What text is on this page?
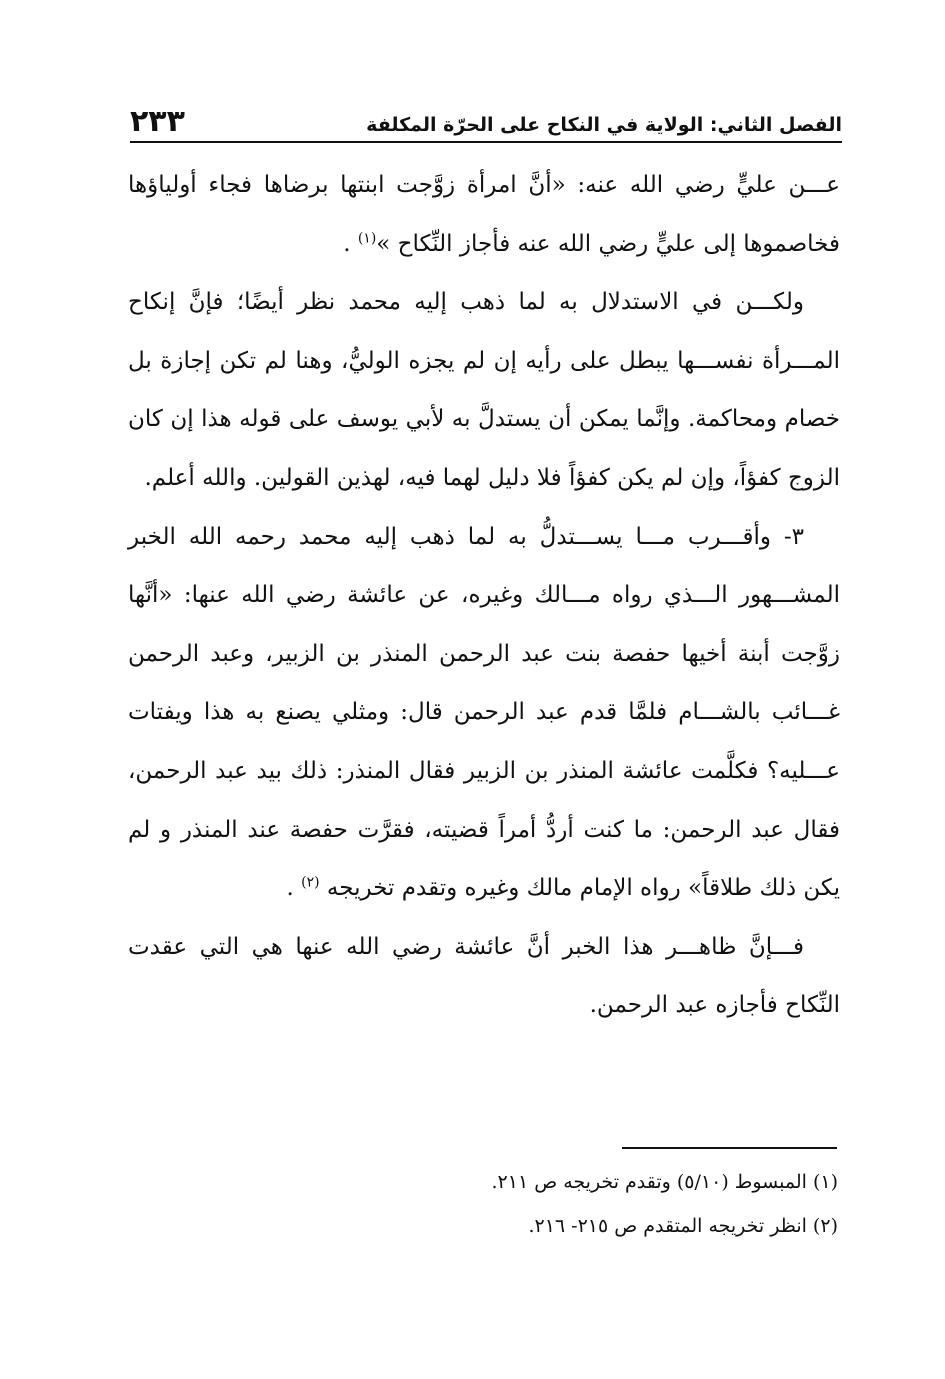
الفصل الثاني: الولاية في النكاح على الحرّة المكلفة
٢٣٣

عـــن عليٍّ رضي الله عنه: «أنَّ امرأة زوَّجت ابنتها برضاها فجاء أولياؤها فخاصموها إلى عليٍّ رضي الله عنه فأجاز النِّكاح »$^{(١)}$ .

ولكـــن في الاستدلال به لما ذهب إليه محمد نظر أيضًا؛ فإنَّ إنكاح المـــرأة نفســـها يبطل على رأيه إن لم يجزه الوليُّ، وهنا لم تكن إجازة بل خصام ومحاكمة. وإنَّما يمكن أن يستدلَّ به لأبي يوسف على قوله هذا إن كان الزوج كفؤاً، وإن لم يكن كفؤاً فلا دليل لهما فيه، لهذين القولين. والله أعلم.

٣- وأقـــرب مـــا يســـتدلُّ به لما ذهب إليه محمد رحمه الله الخبر المشـــهور الـــذي رواه مـــالك وغيره، عن عائشة رضي الله عنها: «أنَّها زوَّجت أبنة أخيها حفصة بنت عبد الرحمن المنذر بن الزبير، وعبد الرحمن غـــائب بالشـــام فلمَّا قدم عبد الرحمن قال: ومثلي يصنع به هذا ويفتات عـــليه؟ فكلَّمت عائشة المنذر بن الزبير فقال المنذر: ذلك بيد عبد الرحمن، فقال عبد الرحمن: ما كنت أردُّ أمراً قضيته، فقرَّت حفصة عند المنذر و لم يكن ذلك طلاقاً» رواه الإمام مالك وغيره وتقدم تخريجه $^{(٢)}$ .

فـــإنَّ ظاهـــر هذا الخبر أنَّ عائشة رضي الله عنها هي التي عقدت النِّكاح فأجازه عبد الرحمن.

(١) المبسوط (٥/١٠) وتقدم تخريجه ص ٢١١.

(٢) انظر تخريجه المتقدم ص ٢١٥- ٢١٦.
